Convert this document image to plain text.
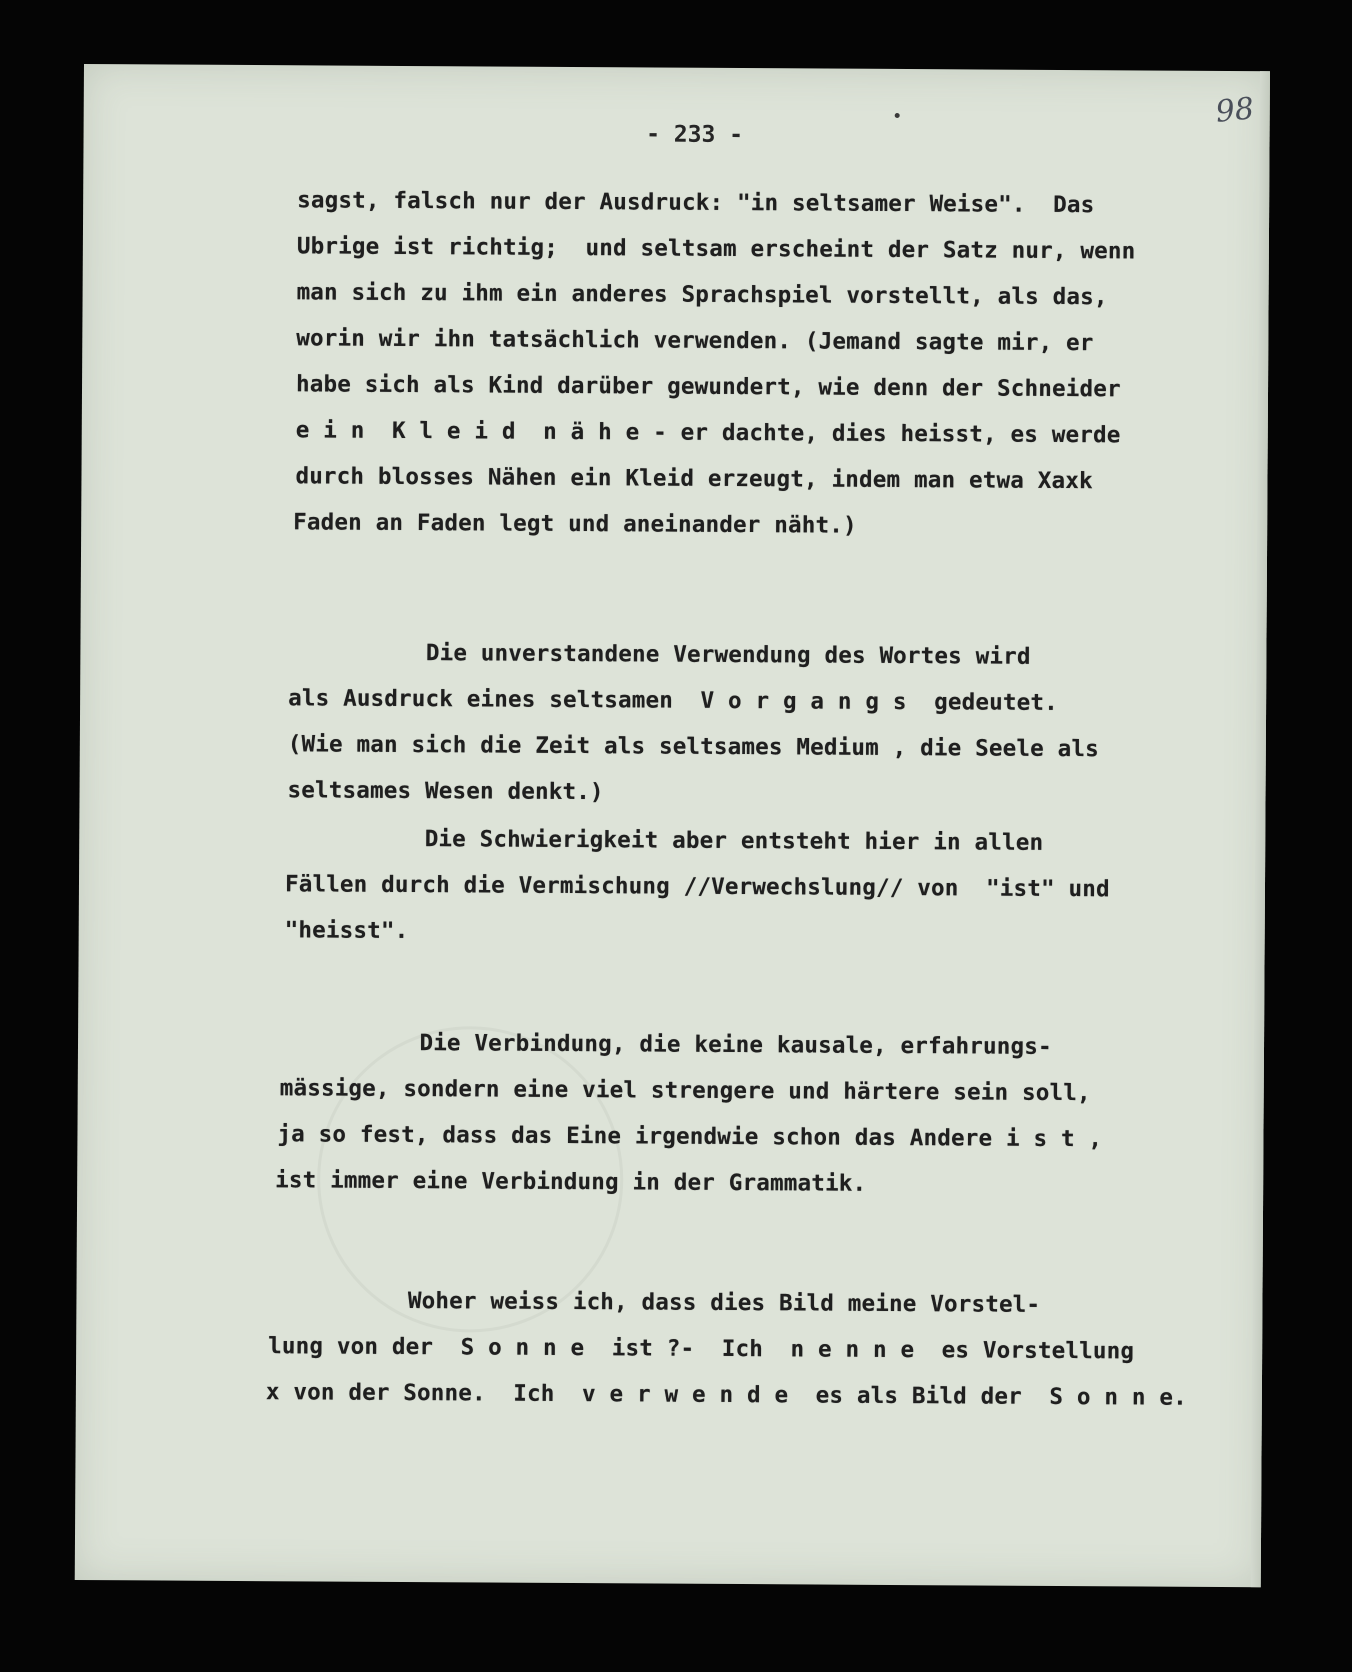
98
- 233 -
sagst, falsch nur der Ausdruck: "in seltsamer Weise".  Das
Ubrige ist richtig;  und seltsam erscheint der Satz nur, wenn
man sich zu ihm ein anderes Sprachspiel vorstellt, als das,
worin wir ihn tatsächlich verwenden. (Jemand sagte mir, er
habe sich als Kind darüber gewundert, wie denn der Schneider
e i n  K l e i d  n ä h e - er dachte, dies heisst, es werde
durch blosses Nähen ein Kleid erzeugt, indem man etwa Xaxk
Faden an Faden legt und aneinander näht.)
Die unverstandene Verwendung des Wortes wird
als Ausdruck eines seltsamen  V o r g a n g s  gedeutet.
(Wie man sich die Zeit als seltsames Medium , die Seele als
seltsames Wesen denkt.)
Die Schwierigkeit aber entsteht hier in allen
Fällen durch die Vermischung //Verwechslung// von  "ist" und
"heisst".
Die Verbindung, die keine kausale, erfahrungs-
mässige, sondern eine viel strengere und härtere sein soll,
ja so fest, dass das Eine irgendwie schon das Andere i s t ,
ist immer eine Verbindung in der Grammatik.
Woher weiss ich, dass dies Bild meine Vorstel-
lung von der  S o n n e  ist ?-  Ich  n e n n e  es Vorstellung
x von der Sonne.  Ich  v e r w e n d e  es als Bild der  S o n n e.
